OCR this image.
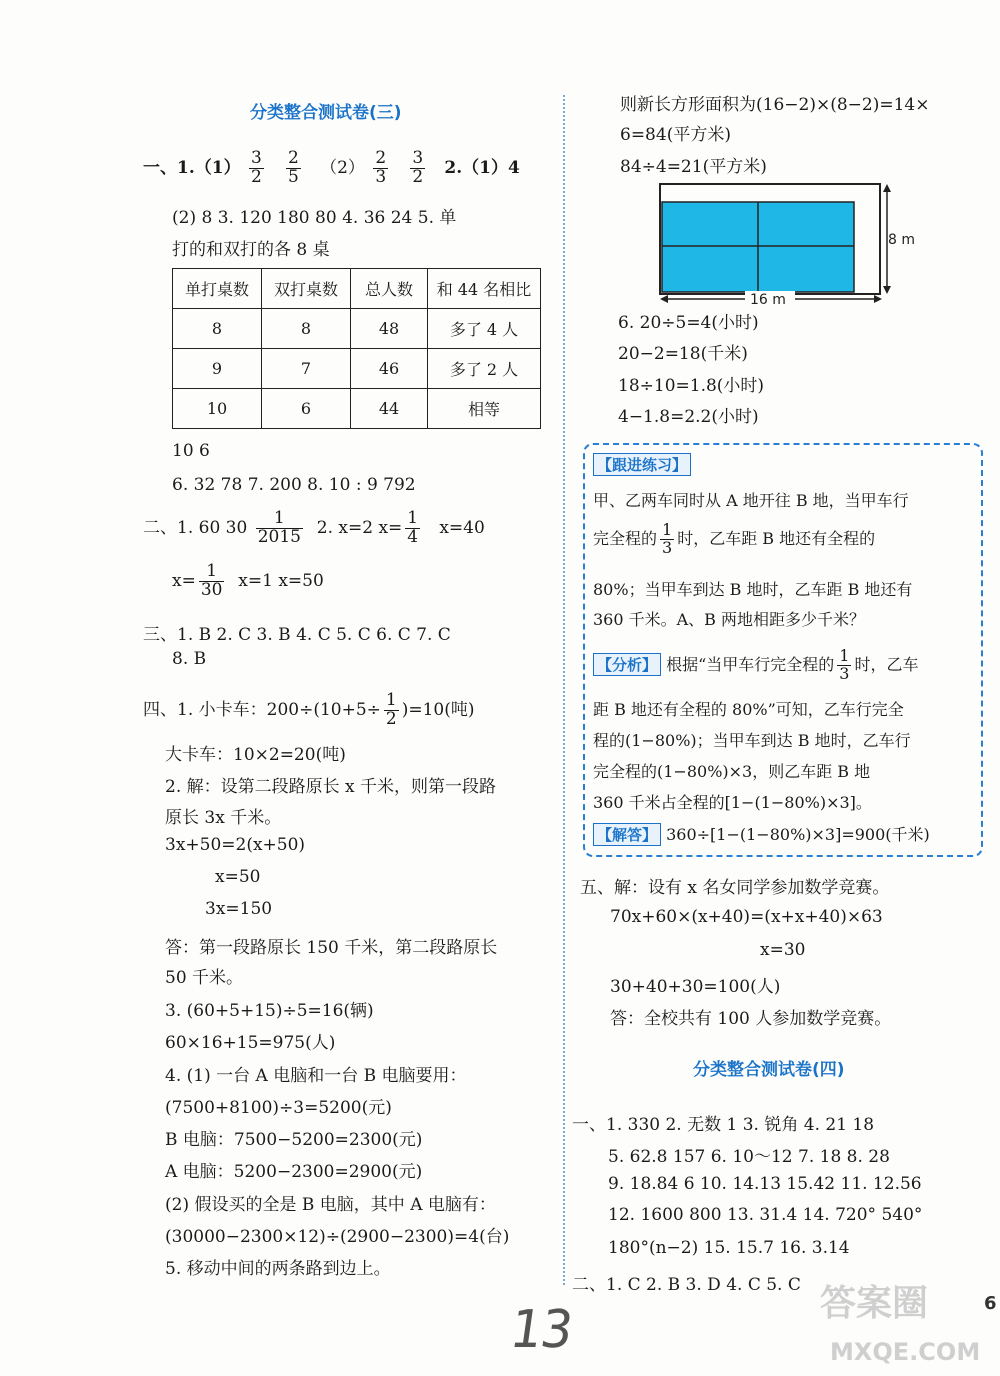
分类整合测试卷(三)
一、$1.(1) \frac{3}{2}$
$\frac{2}{5} (2) \frac{2}{3}$
$\frac{3}{2} 2.(1)4$
(2) 8 3. 120 180 80 4. 36 24 5. 单
打的和双打的各 8 桌
单打桌数	双打桌数	总人数	和 44 名相比
8	8	48	多了 4 人
9	7	46	多了 2 人
10	6	44	相等
10 6
6. 32 78 7. 200 8. 10 : 9 792
二、1. 60 $30 \frac{1}{2015} 2$. x=2 $x= \frac{1}{4} x=40$
$x= \frac{1}{30} x=1$ x=50
三、1. B 2. C 3. B 4. C 5. C 6. C 7. C
8. B
四、1. 小卡车：$200\div(10+5\div \frac{1}{2} )=10$(吨)
大卡车：10×2=20(吨)
2. 解：设第二段路原长 x 千米，则第一段路
原长 3x 千米。
3x+50=2(x+50)
x=50
3x=150
答：第一段路原长 150 千米，第二段路原长
50 千米。
3. (60+5+15)÷5=16(辆)
60×16+15=975(人)
4. (1) 一台 A 电脑和一台 B 电脑要用：
(7500+8100)÷3=5200(元)
B 电脑：7500−5200=2300(元)
A 电脑：5200−2300=2900(元)
(2) 假设买的全是 B 电脑，其中 A 电脑有：
(30000−2300×12)÷(2900−2300)=4(台)
5. 移动中间的两条路到边上。
则新长方形面积为(16−2)×(8−2)=14×
6=84(平方米)
84÷4=21(平方米)
8 m
16 m
6. 20÷5=4(小时)
20−2=18(千米)
18÷10=1.8(小时)
4−1.8=2.2(小时)
【跟进练习】
甲、乙两车同时从 A 地开往 B 地，当甲车行
完全程的 $\frac{1}{3}$ 时，乙车距 B 地还有全程的
80%；当甲车到达 B 地时，乙车距 B 地还有
360 千米。A、B 两地相距多少千米？
【分析】 根据“当甲车行完全程的 $\frac{1}{3}$ 时，乙车
距 B 地还有全程的 80%”可知，乙车行完全
程的(1−80%)；当甲车到达 B 地时，乙车行
完全程的(1−80%)×3，则乙车距 B 地
360 千米占全程的[1−(1−80%)×3]。
【解答】 360÷[1−(1−80%)×3]=900(千米)
五、解：设有 x 名女同学参加数学竞赛。
70x+60×(x+40)=(x+x+40)×63
x=30
30+40+30=100(人)
答：全校共有 100 人参加数学竞赛。
分类整合测试卷(四)
一、1. 330 2. 无数 1 3. 锐角 4. 21 18
5. 62.8 157 6. 10～12 7. 18 8. 28
9. 18.84 6 10. 14.13 15.42 11. 12.56
12. 1600 800 13. 31.4 14. 720° 540°
180°(n−2) 15. 15.7 16. 3.14
二、1. C 2. B 3. D 4. C 5. C
13	答案圈
MXQE.COM
6
